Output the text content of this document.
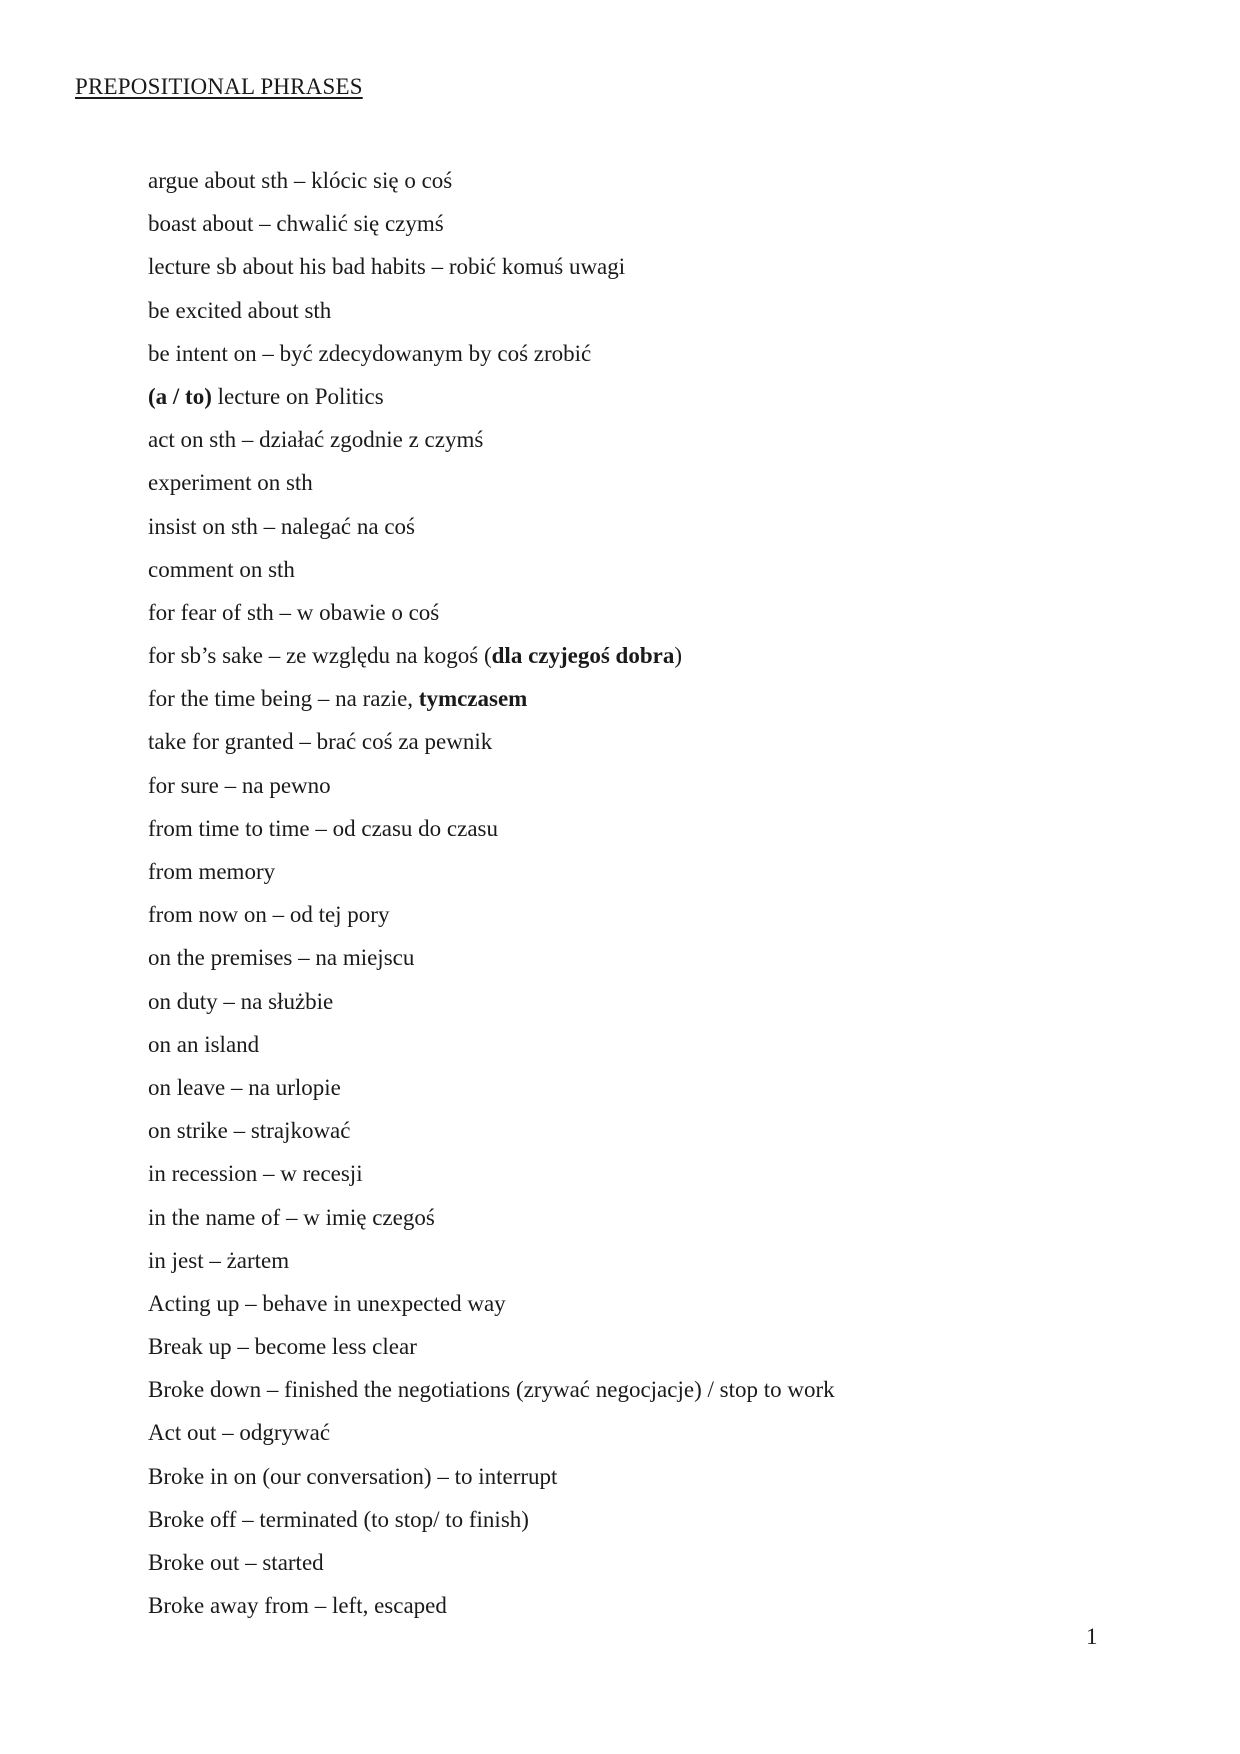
PREPOSITIONAL PHRASES
argue about sth – klócic się o coś
boast about – chwalić się czymś
lecture sb about his bad habits – robić komuś uwagi
be excited about sth
be intent on – być zdecydowanym by coś zrobić
(a / to) lecture on Politics
act on sth – działać zgodnie z czymś
experiment on sth
insist on sth – nalegać na coś
comment on sth
for fear of sth – w obawie o coś
for sb’s sake – ze względu na kogoś (dla czyjegoś dobra)
for the time being – na razie, tymczasem
take for granted – brać coś za pewnik
for sure – na pewno
from time to time – od czasu do czasu
from memory
from now on – od tej pory
on the premises – na miejscu
on duty – na służbie
on an island
on leave – na urlopie
on strike – strajkować
in recession – w recesji
in the name of – w imię czegoś
in jest – żartem
Acting up – behave in unexpected way
Break up – become less clear
Broke down – finished the negotiations (zrywać negocjacje) / stop to work
Act out – odgrywać
Broke in on (our conversation) – to interrupt
Broke off – terminated (to stop/ to finish)
Broke out – started
Broke away from – left, escaped
1
